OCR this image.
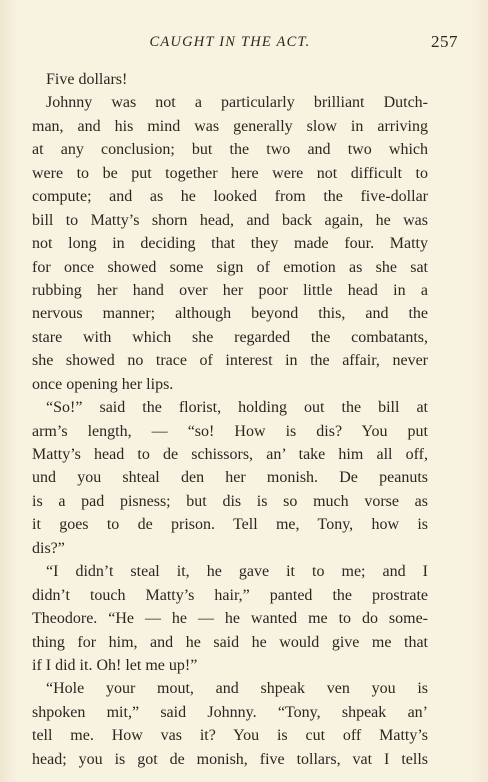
CAUGHT IN THE ACT.	257
Five dollars!
Johnny was not a particularly brilliant Dutch-
man, and his mind was generally slow in arriving
at any conclusion; but the two and two which
were to be put together here were not difficult to
compute; and as he looked from the five-dollar
bill to Matty’s shorn head, and back again, he was
not long in deciding that they made four. Matty
for once showed some sign of emotion as she sat
rubbing her hand over her poor little head in a
nervous manner; although beyond this, and the
stare with which she regarded the combatants,
she showed no trace of interest in the affair, never
once opening her lips.
“So!” said the florist, holding out the bill at
arm’s length, — “so! How is dis? You put
Matty’s head to de schissors, an’ take him all off,
und you shteal den her monish. De peanuts
is a pad pisness; but dis is so much vorse as
it goes to de prison. Tell me, Tony, how is
dis?”
“I didn’t steal it, he gave it to me; and I
didn’t touch Matty’s hair,” panted the prostrate
Theodore. “He — he — he wanted me to do some-
thing for him, and he said he would give me that
if I did it. Oh! let me up!”
“Hole your mout, and shpeak ven you is
shpoken mit,” said Johnny. “Tony, shpeak an’
tell me. How vas it? You is cut off Matty’s
head; you is got de monish, five tollars, vat I tells
